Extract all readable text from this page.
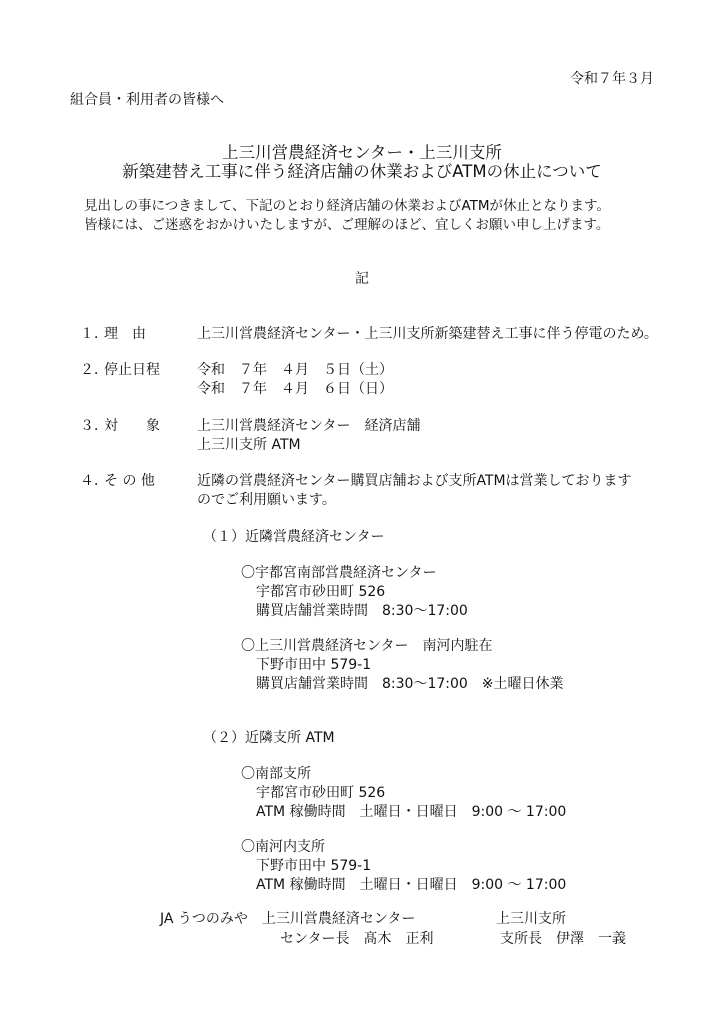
令和７年３月
組合員・利用者の皆様へ
上三川営農経済センター・上三川支所
新築建替え工事に伴う経済店舗の休業およびATMの休止について
見出しの事につきまして、下記のとおり経済店舗の休業およびATMが休止となります。
皆様には、ご迷惑をおかけいたしますが、ご理解のほど、宜しくお願い申し上げます。
記
１．
理　由	上三川営農経済センター・上三川支所新築建替え工事に伴う停電のため。
２．
停止日程	令和　７年　４月　５日（土）
令和　７年　４月　６日（日）
３．
対　　象	上三川営農経済センター　経済店舗
上三川支所 ATM
４．
そ の 他	近隣の営農経済センター購買店舗および支所ATMは営業しております
のでご利用願います。
（１）近隣営農経済センター
〇宇都宮南部営農経済センター
宇都宮市砂田町 526
購買店舗営業時間　8:30～17:00
〇上三川営農経済センター　南河内駐在
下野市田中 579-1
購買店舗営業時間　8:30～17:00　※土曜日休業
（２）近隣支所 ATM
〇南部支所
宇都宮市砂田町 526
ATM 稼働時間　土曜日・日曜日　9:00 ～ 17:00
〇南河内支所
下野市田中 579-1
ATM 稼働時間　土曜日・日曜日　9:00 ～ 17:00
JA うつのみや　上三川営農経済センター	上三川支所
センター長　髙木　正利	支所長　伊澤　一義
